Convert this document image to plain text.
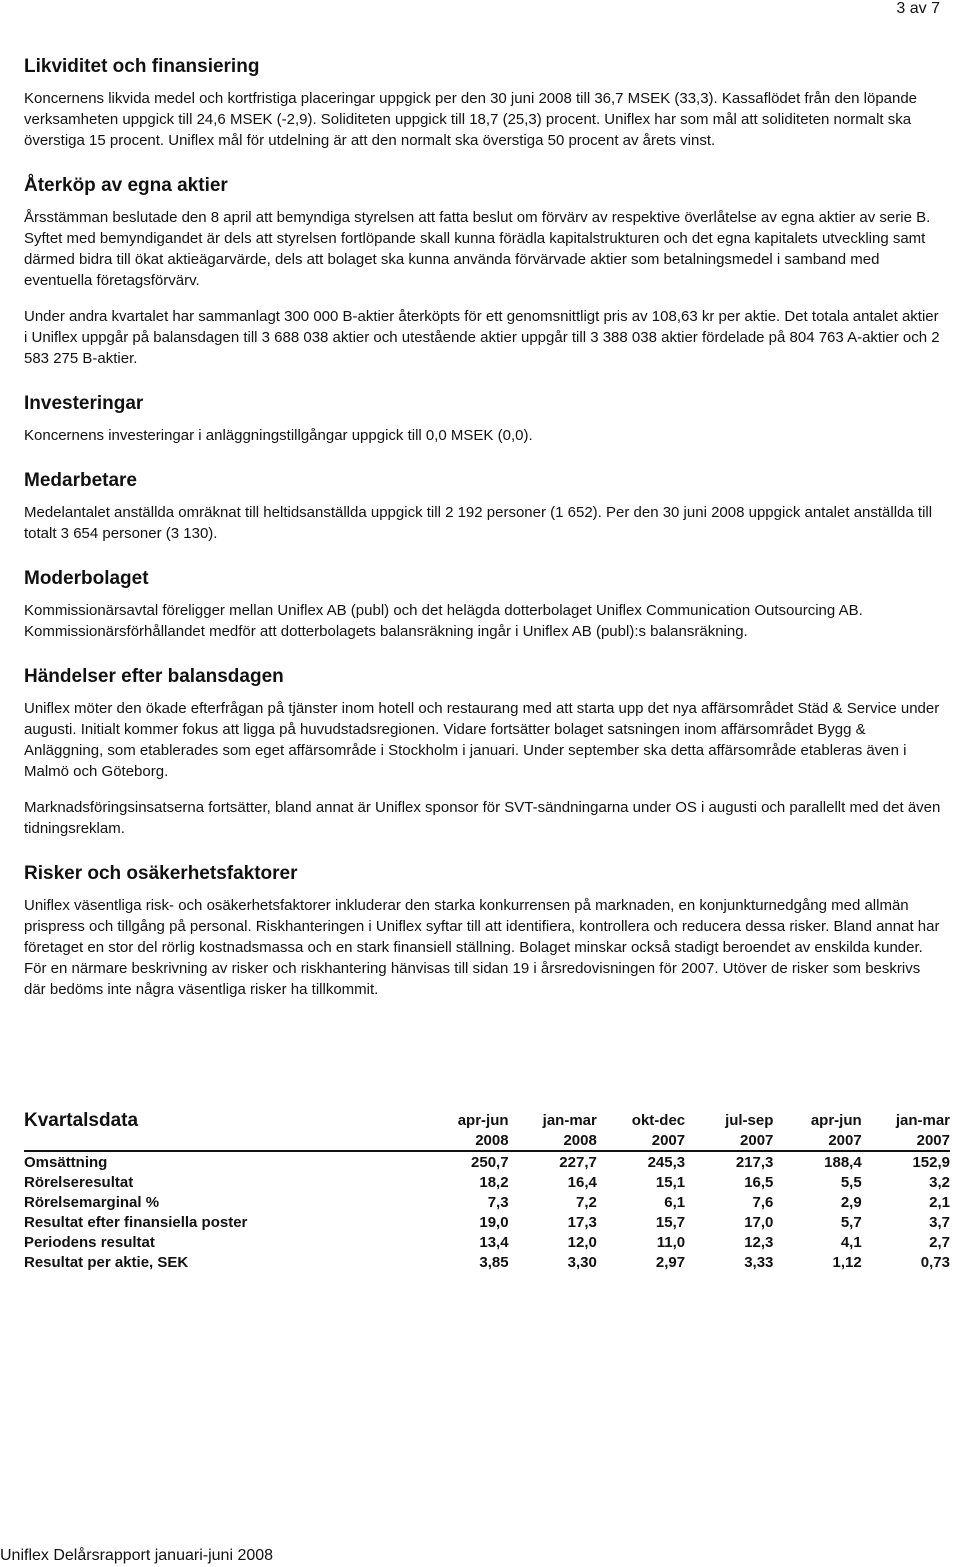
3 av 7
Likviditet och finansiering

Koncernens likvida medel och kortfristiga placeringar uppgick per den 30 juni 2008 till 36,7 MSEK (33,3). Kassaflödet från den löpande verksamheten uppgick till 24,6 MSEK (-2,9). Soliditeten uppgick till 18,7 (25,3) procent. Uniflex har som mål att soliditeten normalt ska överstiga 15 procent. Uniflex mål för utdelning är att den normalt ska överstiga 50 procent av årets vinst.

Återköp av egna aktier

Årsstämman beslutade den 8 april att bemyndiga styrelsen att fatta beslut om förvärv av respektive överlåtelse av egna aktier av serie B. Syftet med bemyndigandet är dels att styrelsen fortlöpande skall kunna förädla kapitalstrukturen och det egna kapitalets utveckling samt därmed bidra till ökat aktieägarvärde, dels att bolaget ska kunna använda förvärvade aktier som betalningsmedel i samband med eventuella företagsförvärv.

Under andra kvartalet har sammanlagt 300 000 B-aktier återköpts för ett genomsnittligt pris av 108,63 kr per aktie. Det totala antalet aktier i Uniflex uppgår på balansdagen till 3 688 038 aktier och utestående aktier uppgår till 3 388 038 aktier fördelade på 804 763 A-aktier och 2 583 275 B-aktier.

Investeringar

Koncernens investeringar i anläggningstillgångar uppgick till 0,0 MSEK (0,0).

Medarbetare

Medelantalet anställda omräknat till heltidsanställda uppgick till 2 192 personer (1 652). Per den 30 juni 2008 uppgick antalet anställda till totalt 3 654 personer (3 130).

Moderbolaget

Kommissionärsavtal föreligger mellan Uniflex AB (publ) och det helägda dotterbolaget Uniflex Communication Outsourcing AB. Kommissionärsförhållandet medför att dotterbolagets balansräkning ingår i Uniflex AB (publ):s balansräkning.

Händelser efter balansdagen

Uniflex möter den ökade efterfrågan på tjänster inom hotell och restaurang med att starta upp det nya affärsområdet Städ & Service under augusti. Initialt kommer fokus att ligga på huvudstadsregionen. Vidare fortsätter bolaget satsningen inom affärsområdet Bygg & Anläggning, som etablerades som eget affärsområde i Stockholm i januari. Under september ska detta affärsområde etableras även i Malmö och Göteborg.

Marknadsföringsinsatserna fortsätter, bland annat är Uniflex sponsor för SVT-sändningarna under OS i augusti och parallellt med det även tidningsreklam.

Risker och osäkerhetsfaktorer

Uniflex väsentliga risk- och osäkerhetsfaktorer inkluderar den starka konkurrensen på marknaden, en konjunkturnedgång med allmän prispress och tillgång på personal. Riskhanteringen i Uniflex syftar till att identifiera, kontrollera och reducera dessa risker. Bland annat har företaget en stor del rörlig kostnadsmassa och en stark finansiell ställning. Bolaget minskar också stadigt beroendet av enskilda kunder. För en närmare beskrivning av risker och riskhantering hänvisas till sidan 19 i årsredovisningen för 2007. Utöver de risker som beskrivs där bedöms inte några väsentliga risker ha tillkommit.

Kvartalsdata	apr-jun	jan-mar	okt-dec	jul-sep	apr-jun	jan-mar
	2008	2008	2007	2007	2007	2007

Omsättning	250,7	227,7	245,3	217,3	188,4	152,9
Rörelseresultat	18,2	16,4	15,1	16,5	5,5	3,2
Rörelsemarginal %	7,3	7,2	6,1	7,6	2,9	2,1
Resultat efter finansiella poster	19,0	17,3	15,7	17,0	5,7	3,7
Periodens resultat	13,4	12,0	11,0	12,3	4,1	2,7
Resultat per aktie, SEK	3,85	3,30	2,97	3,33	1,12	0,73
Uniflex Delårsrapport januari-juni 2008
